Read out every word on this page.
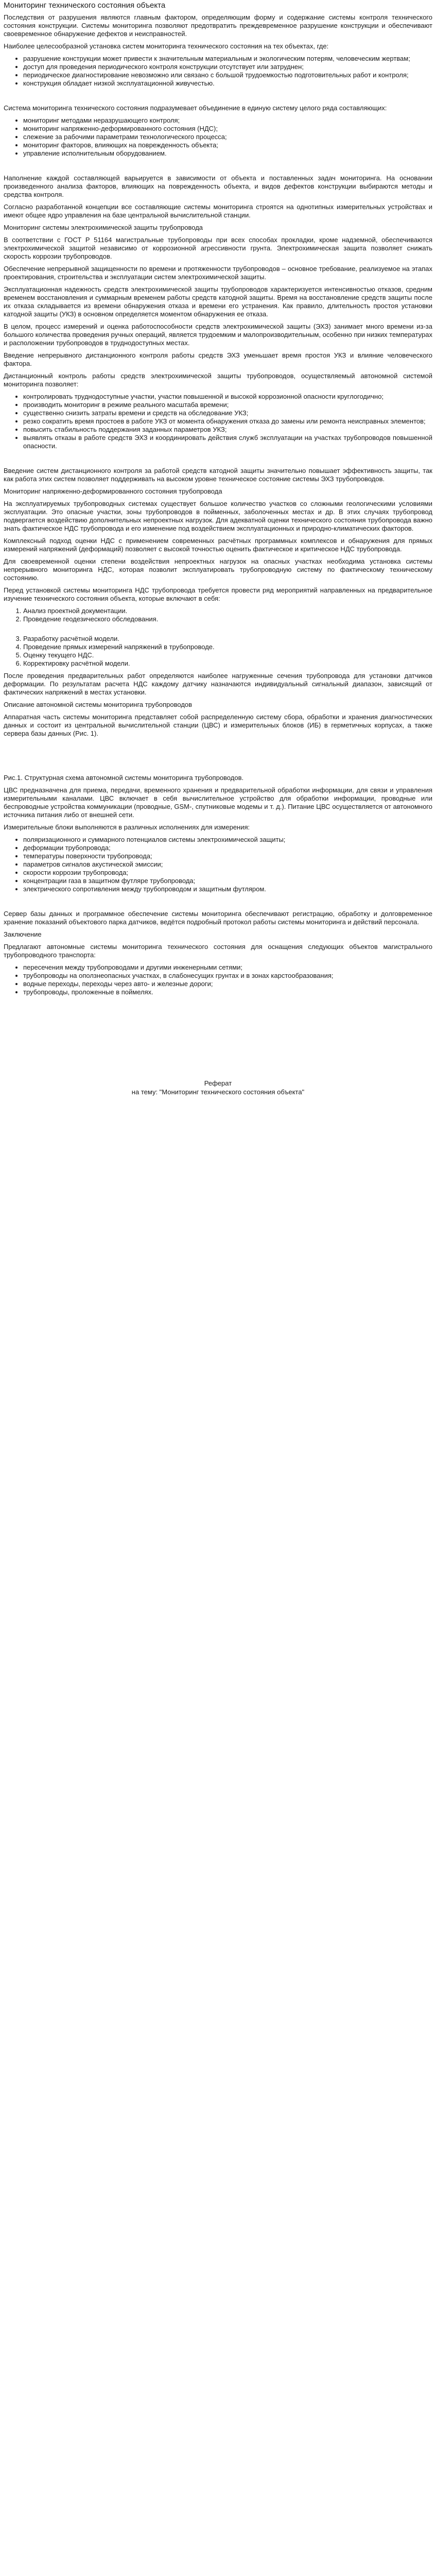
Мониторинг технического состояния объекта

Последствия от разрушения являются главным фактором, определяющим форму и содержание системы контроля технического состояния конструкции. Системы мониторинга позволяют предотвратить преждевременное разрушение конструкции и обеспечивают своевременное обнаружение дефектов и неисправностей.

Наиболее целесообразной установка систем мониторинга технического состояния на тех объектах, где:

• разрушение конструкции может привести к значительным материальным и экологическим потерям, человеческим жертвам;
• доступ для проведения периодического контроля конструкции отсутствует или затруднен;
• периодическое диагностирование невозможно или связано с большой трудоемкостью подготовительных работ и контроля;
• конструкция обладает низкой эксплуатационной живучестью.

Система мониторинга технического состояния подразумевает объединение в единую систему целого ряда составляющих:

• мониторинг методами неразрушающего контроля;
• мониторинг напряженно-деформированного состояния (НДС);
• слежение за рабочими параметрами технологического процесса;
• мониторинг факторов, влияющих на поврежденность объекта;
• управление исполнительным оборудованием.

Наполнение каждой составляющей варьируется в зависимости от объекта и поставленных задач мониторинга. На основании произведенного анализа факторов, влияющих на поврежденность объекта, и видов дефектов конструкции выбираются методы и средства контроля.

Согласно разработанной концепции все составляющие системы мониторинга строятся на однотипных измерительных устройствах и имеют общее ядро управления на базе центральной вычислительной станции.

Мониторинг системы электрохимической защиты трубопровода

В соответствии с ГОСТ Р 51164 магистральные трубопроводы при всех способах прокладки, кроме надземной, обеспечиваются электрохимической защитой независимо от коррозионной агрессивности грунта. Электрохимическая защита позволяет снижать скорость коррозии трубопроводов.

Обеспечение непрерывной защищенности по времени и протяженности трубопроводов – основное требование, реализуемое на этапах проектирования, строительства и эксплуатации систем электрохимической защиты.

Эксплуатационная надежность средств электрохимической защиты трубопроводов характеризуется интенсивностью отказов, средним временем восстановления и суммарным временем работы средств катодной защиты. Время на восстановление средств защиты после их отказа складывается из времени обнаружения отказа и времени его устранения. Как правило, длительность простоя установки катодной защиты (УКЗ) в основном определяется моментом обнаружения ее отказа.

В целом, процесс измерений и оценка работоспособности средств электрохимической защиты (ЭХЗ) занимает много времени из-за большого количества проведения ручных операций, является трудоемким и малопроизводительным, особенно при низких температурах и расположении трубопроводов в труднодоступных местах.

Введение непрерывного дистанционного контроля работы средств ЭХЗ уменьшает время простоя УКЗ и влияние человеческого фактора.

Дистанционный контроль работы средств электрохимической защиты трубопроводов, осуществляемый автономной системой мониторинга позволяет:

• контролировать труднодоступные участки, участки повышенной и высокой коррозионной опасности круглогодично;
• производить мониторинг в режиме реального масштаба времени;
• существенно снизить затраты времени и средств на обследование УКЗ;
• резко сократить время простоев в работе УКЗ от момента обнаружения отказа до замены или ремонта неисправных элементов;
• повысить стабильность поддержания заданных параметров УКЗ;
• выявлять отказы в работе средств ЭХЗ и координировать действия служб эксплуатации на участках трубопроводов повышенной опасности.

Введение систем дистанционного контроля за работой средств катодной защиты значительно повышает эффективность защиты, так как работа этих систем позволяет поддерживать на высоком уровне техническое состояние системы ЭХЗ трубопроводов.

Мониторинг напряженно-деформированного состояния трубопровода

На эксплуатируемых трубопроводных системах существует большое количество участков со сложными геологическими условиями эксплуатации. Это опасные участки, зоны трубопроводов в пойменных, заболоченных местах и др. В этих случаях трубопровод подвергается воздействию дополнительных непроектных нагрузок. Для адекватной оценки технического состояния трубопровода важно знать фактическое НДС трубопровода и его изменение под воздействием эксплуатационных и природно-климатических факторов.

Комплексный подход оценки НДС с применением современных расчётных программных комплексов и обнаружения для прямых измерений напряжений (деформаций) позволяет с высокой точностью оценить фактическое и критическое НДС трубопровода.

Для своевременной оценки степени воздействия непроектных нагрузок на опасных участках необходима установка системы непрерывного мониторинга НДС, которая позволит эксплуатировать трубопроводную систему по фактическому техническому состоянию.

Перед установкой системы мониторинга НДС трубопровода требуется провести ряд мероприятий направленных на предварительное изучение технического состояния объекта, которые включают в себя:

1. Анализ проектной документации.
2. Проведение геодезического обследования.
3. Разработку расчётной модели.
4. Проведение прямых измерений напряжений в трубопроводе.
5. Оценку текущего НДС.
6. Корректировку расчётной модели.

После проведения предварительных работ определяются наиболее нагруженные сечения трубопровода для установки датчиков деформации. По результатам расчета НДС каждому датчику назначаются индивидуальный сигнальный диапазон, зависящий от фактических напряжений в местах установки.

Описание автономной системы мониторинга трубопроводов

Аппаратная часть системы мониторинга представляет собой распределенную систему сбора, обработки и хранения диагностических данных и состоит из центральной вычислительной станции (ЦВС) и измерительных блоков (ИБ) в герметичных корпусах, а также сервера базы данных (Рис. 1).

Рис.1. Структурная схема автономной системы мониторинга трубопроводов.

ЦВС предназначена для приема, передачи, временного хранения и предварительной обработки информации, для связи и управления измерительными каналами. ЦВС включает в себя вычислительное устройство для обработки информации, проводные или беспроводные устройства коммуникации (проводные, GSM-, спутниковые модемы и т. д.). Питание ЦВС осуществляется от автономного источника питания либо от внешней сети.

Измерительные блоки выполняются в различных исполнениях для измерения:

• поляризационного и суммарного потенциалов системы электрохимической защиты;
• деформации трубопровода;
• температуры поверхности трубопровода;
• параметров сигналов акустической эмиссии;
• скорости коррозии трубопровода;
• концентрации газа в защитном футляре трубопровода;
• электрического сопротивления между трубопроводом и защитным футляром.

Сервер базы данных и программное обеспечение системы мониторинга обеспечивают регистрацию, обработку и долговременное хранение показаний объектового парка датчиков, ведётся подробный протокол работы системы мониторинга и действий персонала.

Заключение

Предлагают автономные системы мониторинга технического состояния для оснащения следующих объектов магистрального трубопроводного транспорта:

• пересечения между трубопроводами и другими инженерными сетями;
• трубопроводы на оползнеопасных участках, в слабонесущих грунтах и в зонах карстообразования;
• водные переходы, переходы через авто- и железные дороги;
• трубопроводы, проложенные в поймелях.
Реферат
на тему: "Мониторинг технического состояния объекта"
